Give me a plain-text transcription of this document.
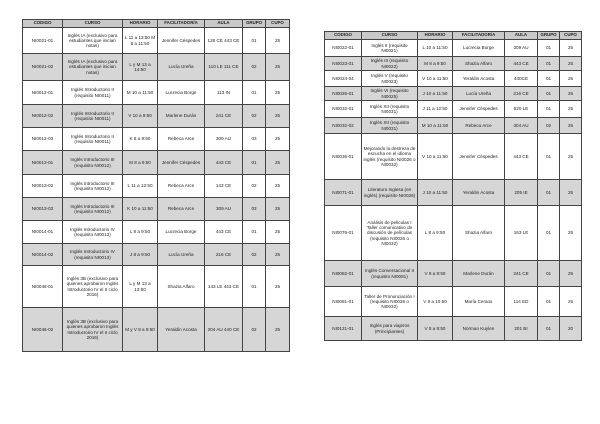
CODIGO	CURSO	HORARIO	FACILITADOR/A	AULA	GRUPO	CUPO
NI0021-01	Inglés IA (exclusivo para estudiantes que inician notas)	L 11 a 13:50 M 8 a 11:50	Jennifer Céspedes	126 CE 443 CE	01	25
NI0021-02	Inglés IA (exclusivo para estudiantes que inician notas)	L y M 13 a 14:50	Lucía Ureña	110 LE 111 CE	02	25
NI0012-01	Inglés Introductorio II (requisito NI0011)	M 10 a 11:50	Lucrecia Borge	113 IN	01	25
NI0012-02	Inglés Introductorio II (requisito NI0011)	V 10 a 9:50	Marlene Durán	241 CE	02	25
NI0012-03	Inglés Introductorio II (requisito NI0011)	K 8 a 9:50	Rebeca Arce	309 AU	03	25
NI0013-01	Inglés Introductorio III (requisito NI0012)	M 8 a 9:50	Jennifer Céspedes	443 CE	01	25
NI0013-02	Inglés Introductorio III (requisito NI0012)	L 11 a 12:50	Rebeca Arce	143 CE	02	25
NI0013-03	Inglés Introductorio III (requisito NI0012)	K 10 a 11:50	Rebeca Arce	309 AU	03	25
NI0014-01	Inglés Introductorio IV (requisito NI0013)	L 8 a 9:50	Lucrecia Borge	443 CE	01	25
NI0014-02	Inglés Introductorio IV (requisito NI0013)	J 8 a 9:50	Lucía Ureña	216 CE	02	25
NI0046-01	Inglés 3B (exclusivo para quienes aprobaron Inglés Introductorio IV el II ciclo 2016)	L y M 13 a 13:50	Shazia Alfaro	143 LE 443 CE	01	25
NI0046-02	Inglés 3B (exclusivo para quienes aprobaron Inglés Introductorio IV el II ciclo 2016)	M y V 8 a 9:50	Yeraldin Acosta	304 AU 440 CE	02	25
CODIGO	CURSO	HORARIO	FACILITADOR/A	AULA	GRUPO	CUPO
NI0022-01	Inglés II (requisito NI0021)	L 10 a 11:50	Lucrecia Borge	309 AU	01	25
NI0023-01	Inglés III (requisito NI0022)	M 8 a 9:50	Shazia Alfaro	443 CE	01	25
NI0024-04	Inglés V (requisito NI0023)	V 10 a 11:50	Yeraldin Acosta	440CE	01	25
NI0026-01	Inglés VI (requisito NI0025)	J 10 a 11:50	Lucía Ureña	216 CE	01	25
NI0032-01	Inglés XII (requisito NI0031)	J 11 a 12:50	Jennifer Céspedes	520 LE	01	25
NI0032-02	Inglés XII (requisito NI0031)	M 10 a 11:50	Rebeca Arce	304 AU	02	25
NI0036-01	Mejorando la destreza de escucha en el idioma inglés (requisito NI0026 o NI0032)	V 10 a 11:50	Jennifer Céspedes	443 CE	01	25
NI0071-01	Literatura Inglesa (en inglés) (requisito NI0026)	J 10 a 11:50	Yeraldin Acosta	205 IE	01	25
NI0076-01	Análisis de películas I Taller comunicativo de discusión de películas (requisito NI0026 o NI0032)	L 8 a 9:50	Shazia Alfaro	163 LE	01	25
NI0082-01	Inglés Conversacional II (requisito NI0081)	V 8 a 9:50	Marlene Durán	241 CE	01	25
NI0081-01	Taller de Pronunciación I (requisito NI0026 o NI0032)	V 9 a 10:50	María Ceraos	114 ED	01	25
NI0121-01	Inglés para viajeros (Principiantes)	V 8 a 9:50	Norman Kuylen	201 BI	01	20
